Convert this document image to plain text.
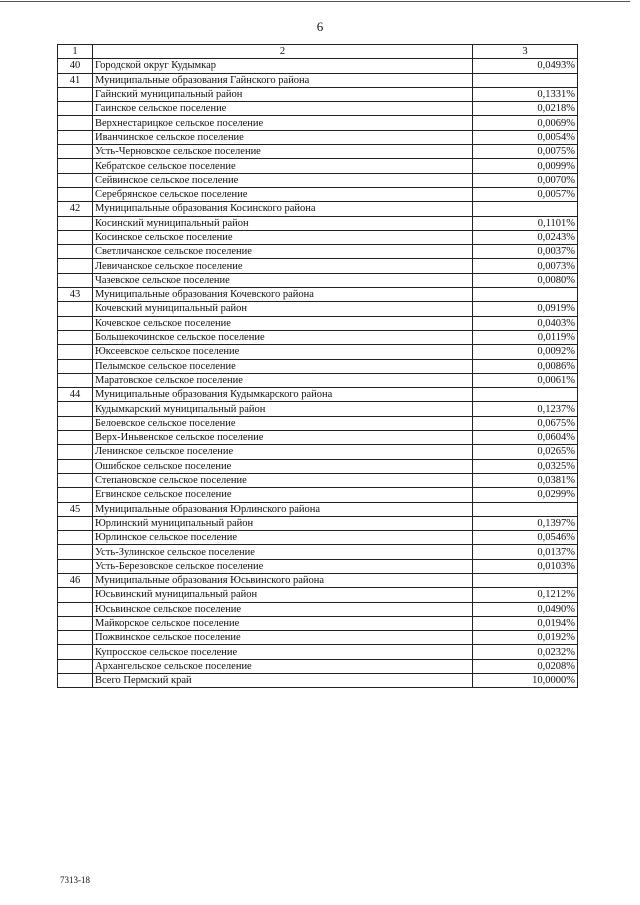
6
1	2	3
40	Городской округ Кудымкар	0,0493%
41	Муниципальные образования Гайнского района	
	Гайнский муниципальный район	0,1331%
	Гаинское сельское поселение	0,0218%
	Верхнестарицкое сельское поселение	0,0069%
	Иванчинское сельское поселение	0,0054%
	Усть-Черновское сельское поселение	0,0075%
	Кебратское сельское поселение	0,0099%
	Сейвинское сельское поселение	0,0070%
	Серебрянское сельское поселение	0,0057%
42	Муниципальные образования Косинского района	
	Косинский муниципальный район	0,1101%
	Косинское сельское поселение	0,0243%
	Светличанское сельское поселение	0,0037%
	Левичанское сельское поселение	0,0073%
	Чазевское сельское поселение	0,0080%
43	Муниципальные образования Кочевского района	
	Кочевский муниципальный район	0,0919%
	Кочевское сельское поселение	0,0403%
	Большекочинское сельское поселение	0,0119%
	Юксеевское сельское поселение	0,0092%
	Пелымское сельское поселение	0,0086%
	Маратовское сельское поселение	0,0061%
44	Муниципальные образования Кудымкарского района	
	Кудымкарский муниципальный район	0,1237%
	Белоевское сельское поселение	0,0675%
	Верх-Иньвенское сельское поселение	0,0604%
	Ленинское сельское поселение	0,0265%
	Ошибское сельское поселение	0,0325%
	Степановское сельское поселение	0,0381%
	Егвинское сельское поселение	0,0299%
45	Муниципальные образования Юрлинского района	
	Юрлинский муниципальный район	0,1397%
	Юрлинское сельское поселение	0,0546%
	Усть-Зулинское сельское поселение	0,0137%
	Усть-Березовское сельское поселение	0,0103%
46	Муниципальные образования Юсьвинского района	
	Юсьвинский муниципальный район	0,1212%
	Юсьвинское сельское поселение	0,0490%
	Майкорское сельское поселение	0,0194%
	Пожвинское сельское поселение	0,0192%
	Купросское сельское поселение	0,0232%
	Архангельское сельское поселение	0,0208%
	Всего Пермский край	10,0000%
7313-18
